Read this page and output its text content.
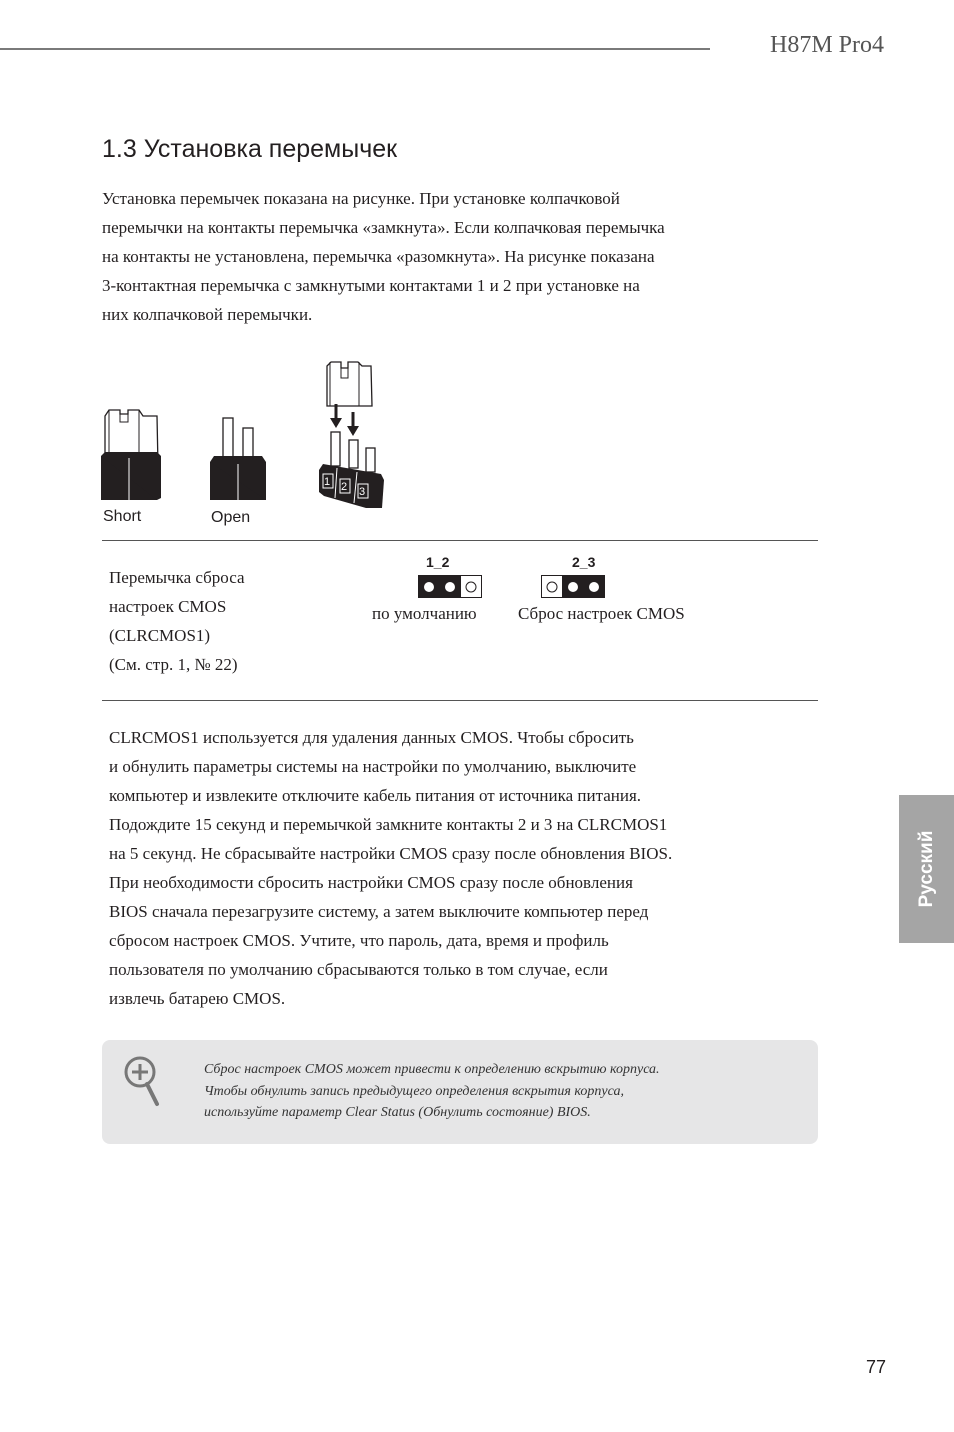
H87M Pro4
1.3 Установка перемычек

Установка перемычек показана на рисунке. При установке колпачковой
перемычки на контакты перемычка «замкнута». Если колпачковая перемычка
на контакты не установлена, перемычка «разомкнута». На рисунке показана
3-контактная перемычка с замкнутыми контактами 1 и 2 при установке на
них колпачковой перемычки.

Short	Open
1 2 3

Перемычка сброса
настроек CMOS
(CLRCMOS1)
(См. стр. 1, № 22)

1_2
по умолчанию
2_3
Сброс настроек CMOS

CLRCMOS1 используется для удаления данных CMOS. Чтобы сбросить
и обнулить параметры системы на настройки по умолчанию, выключите
компьютер и извлеките отключите кабель питания от источника питания.
Подождите 15 секунд и перемычкой замкните контакты 2 и 3 на CLRCMOS1
на 5 секунд. Не сбрасывайте настройки CMOS сразу после обновления BIOS.
При необходимости сбросить настройки CMOS сразу после обновления
BIOS сначала перезагрузите систему, а затем выключите компьютер перед
сбросом настроек CMOS. Учтите, что пароль, дата, время и профиль
пользователя по умолчанию сбрасываются только в том случае, если
извлечь батарею CMOS.

Сброс настроек CMOS может привести к определению вскрытию корпуса.
Чтобы обнулить запись предыдущего определения вскрытия корпуса,
используйте параметр Clear Status (Обнулить состояние) BIOS.

Русский
77
